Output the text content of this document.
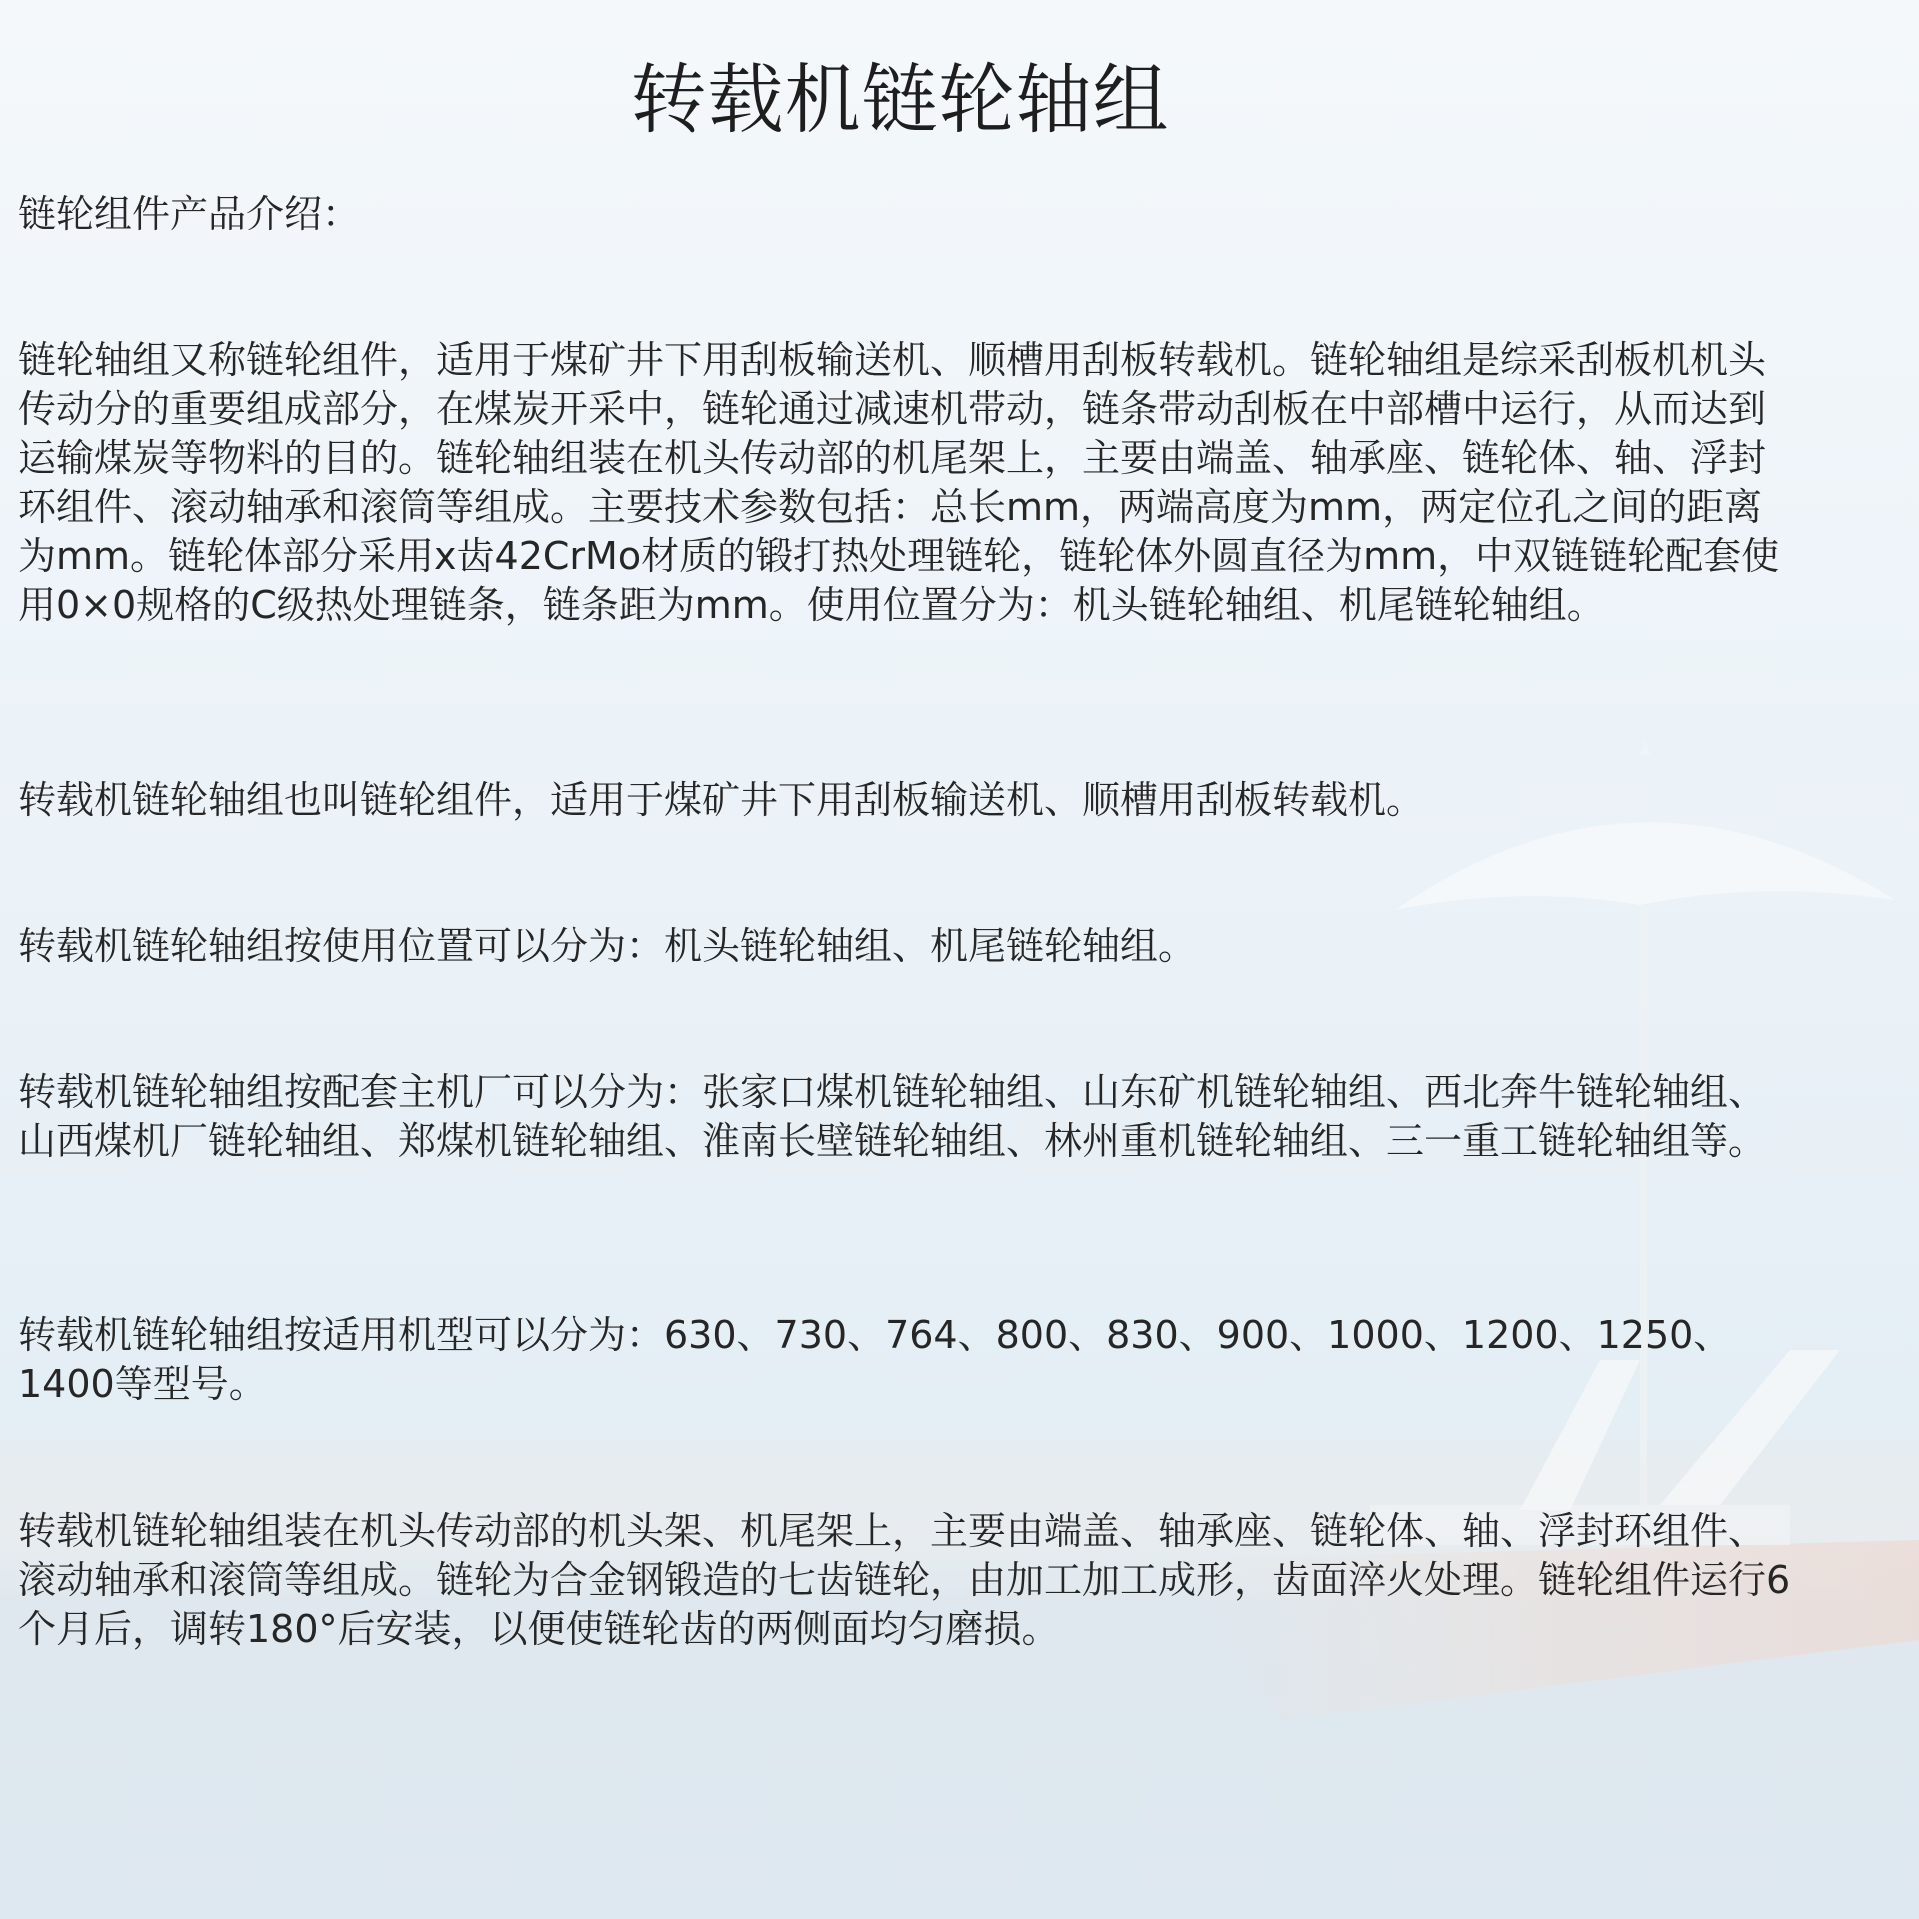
转载机链轮轴组

链轮组件产品介绍：

链轮轴组又称链轮组件，适用于煤矿井下用刮板输送机、顺槽用刮板转载机。链轮轴组是综采刮板机机头传动分的重要组成部分，在煤炭开采中，链轮通过减速机带动，链条带动刮板在中部槽中运行，从而达到运输煤炭等物料的目的。链轮轴组装在机头传动部的机尾架上，主要由端盖、轴承座、链轮体、轴、浮封环组件、滚动轴承和滚筒等组成。主要技术参数包括：总长mm，两端高度为mm，两定位孔之间的距离为mm。链轮体部分采用x齿42CrMo材质的锻打热处理链轮，链轮体外圆直径为mm，中双链链轮配套使用0×0规格的C级热处理链条，链条距为mm。使用位置分为：机头链轮轴组、机尾链轮轴组。

转载机链轮轴组也叫链轮组件，适用于煤矿井下用刮板输送机、顺槽用刮板转载机。

转载机链轮轴组按使用位置可以分为：机头链轮轴组、机尾链轮轴组。

转载机链轮轴组按配套主机厂可以分为：张家口煤机链轮轴组、山东矿机链轮轴组、西北奔牛链轮轴组、山西煤机厂链轮轴组、郑煤机链轮轴组、淮南长壁链轮轴组、林州重机链轮轴组、三一重工链轮轴组等。

转载机链轮轴组按适用机型可以分为：630、730、764、800、830、900、1000、1200、1250、1400等型号。

转载机链轮轴组装在机头传动部的机头架、机尾架上，主要由端盖、轴承座、链轮体、轴、浮封环组件、滚动轴承和滚筒等组成。链轮为合金钢锻造的七齿链轮，由加工加工成形，齿面淬火处理。链轮组件运行6个月后，调转180°后安装，以便使链轮齿的两侧面均匀磨损。
